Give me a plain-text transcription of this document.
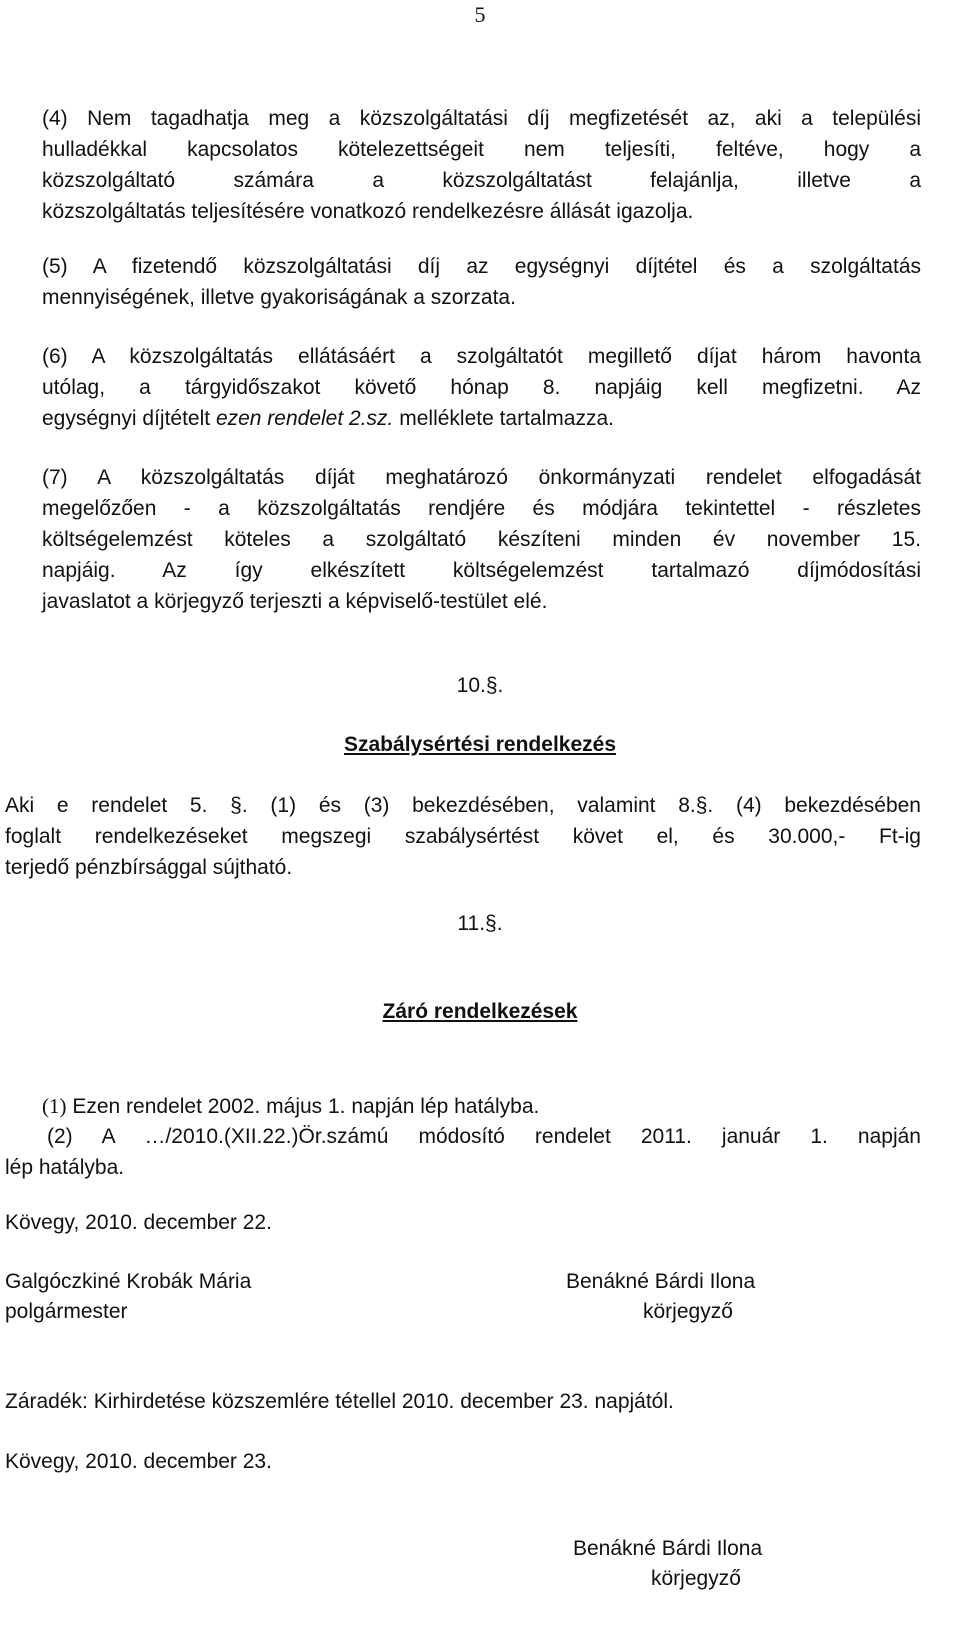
5
(4) Nem tagadhatja meg a közszolgáltatási díj megfizetését az, aki a települési
hulladékkal kapcsolatos kötelezettségeit nem teljesíti, feltéve, hogy a
közszolgáltató számára a közszolgáltatást felajánlja, illetve a
közszolgáltatás teljesítésére vonatkozó rendelkezésre állását igazolja.
(5) A fizetendő közszolgáltatási díj az egységnyi díjtétel és a szolgáltatás
mennyiségének, illetve gyakoriságának a szorzata.
(6) A közszolgáltatás ellátásáért a szolgáltatót megillető díjat három havonta
utólag, a tárgyidőszakot követő hónap 8. napjáig kell megfizetni. Az
egységnyi díjtételt ezen rendelet 2.sz. melléklete tartalmazza.
(7) A közszolgáltatás díját meghatározó önkormányzati rendelet elfogadását
megelőzően - a közszolgáltatás rendjére és módjára tekintettel - részletes
költségelemzést köteles a szolgáltató készíteni minden év november 15.
napjáig. Az így elkészített költségelemzést tartalmazó díjmódosítási
javaslatot a körjegyző terjeszti a képviselő-testület elé.
10.§.
Szabálysértési rendelkezés
Aki e rendelet 5. §. (1) és (3) bekezdésében, valamint 8.§. (4) bekezdésében
foglalt rendelkezéseket megszegi szabálysértést követ el, és 30.000,- Ft-ig
terjedő pénzbírsággal sújtható.
11.§.
Záró rendelkezések
(1) Ezen rendelet 2002. május 1. napján lép hatályba.
(2) A …/2010.(XII.22.)Ör.számú módosító rendelet 2011. január 1. napján
lép hatályba.
Kövegy, 2010. december 22.
Galgóczkiné Krobák Mária
polgármester
Benákné Bárdi Ilona
körjegyző
Záradék: Kirhirdetése közszemlére tétellel 2010. december 23. napjától.
Kövegy, 2010. december 23.
Benákné Bárdi Ilona
körjegyző
